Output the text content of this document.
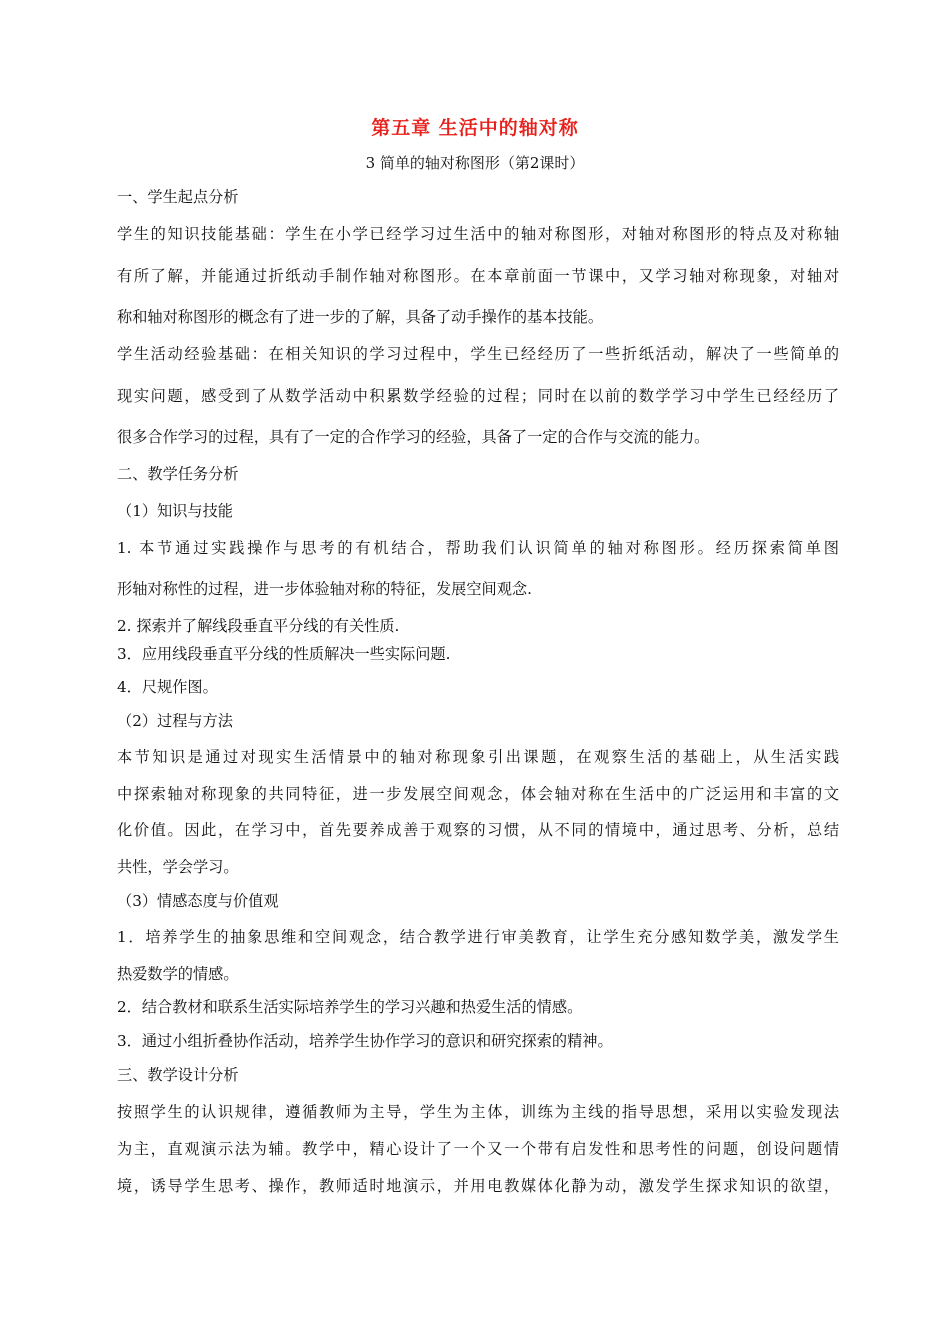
第五章 生活中的轴对称
3 简单的轴对称图形（第2课时）
一、学生起点分析
学生的知识技能基础：学生在小学已经学习过生活中的轴对称图形，对轴对称图形的特点及对称轴
有所了解，并能通过折纸动手制作轴对称图形。在本章前面一节课中，又学习轴对称现象，对轴对
称和轴对称图形的概念有了进一步的了解，具备了动手操作的基本技能。
学生活动经验基础：在相关知识的学习过程中，学生已经经历了一些折纸活动，解决了一些简单的
现实问题，感受到了从数学活动中积累数学经验的过程；同时在以前的数学学习中学生已经经历了
很多合作学习的过程，具有了一定的合作学习的经验，具备了一定的合作与交流的能力。
二、教学任务分析
（1）知识与技能
1. 本节通过实践操作与思考的有机结合，帮助我们认识简单的轴对称图形。经历探索简单图
形轴对称性的过程，进一步体验轴对称的特征，发展空间观念.
2. 探索并了解线段垂直平分线的有关性质.
3．应用线段垂直平分线的性质解决一些实际问题.
4．尺规作图。
（2）过程与方法
本节知识是通过对现实生活情景中的轴对称现象引出课题，在观察生活的基础上，从生活实践
中探索轴对称现象的共同特征，进一步发展空间观念，体会轴对称在生活中的广泛运用和丰富的文
化价值。因此，在学习中，首先要养成善于观察的习惯，从不同的情境中，通过思考、分析，总结
共性，学会学习。
（3）情感态度与价值观
1．培养学生的抽象思维和空间观念，结合教学进行审美教育，让学生充分感知数学美，激发学生
热爱数学的情感。
2．结合教材和联系生活实际培养学生的学习兴趣和热爱生活的情感。
3．通过小组折叠协作活动，培养学生协作学习的意识和研究探索的精神。
三、教学设计分析
按照学生的认识规律，遵循教师为主导，学生为主体，训练为主线的指导思想，采用以实验发现法
为主，直观演示法为辅。教学中，精心设计了一个又一个带有启发性和思考性的问题，创设问题情
境，诱导学生思考、操作，教师适时地演示，并用电教媒体化静为动，激发学生探求知识的欲望，
